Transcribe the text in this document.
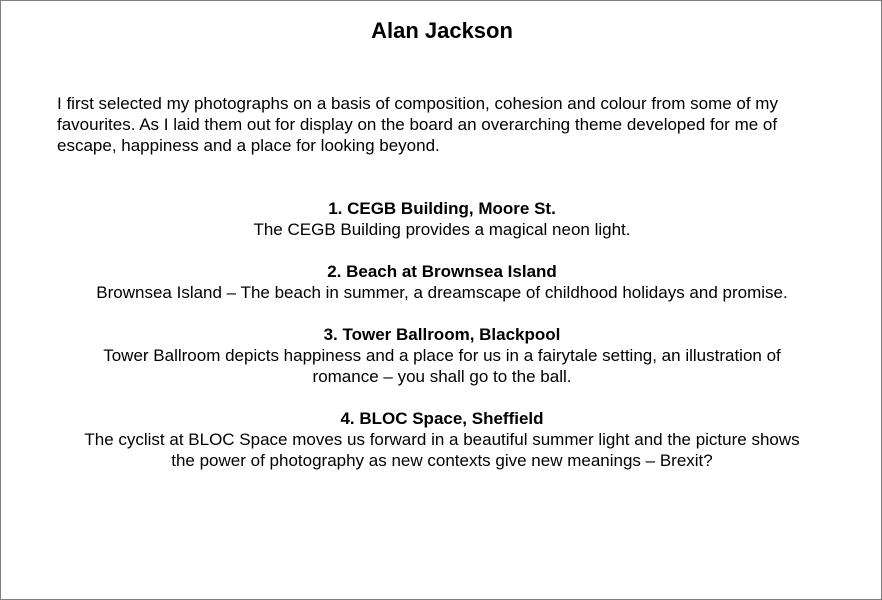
Alan Jackson
I first selected my photographs on a basis of composition, cohesion and colour from some of my favourites. As I laid them out for display on the board an overarching theme developed for me of escape, happiness and a place for looking beyond.
1. CEGB Building, Moore St.
The CEGB Building provides a magical neon light.
2. Beach at Brownsea Island
Brownsea Island – The beach in summer, a dreamscape of childhood holidays and promise.
3. Tower Ballroom, Blackpool
Tower Ballroom depicts happiness and a place for us in a fairytale setting, an illustration of romance – you shall go to the ball.
4. BLOC Space, Sheffield
The cyclist at BLOC Space moves us forward in a beautiful summer light and the picture shows the power of photography as new contexts give new meanings – Brexit?
